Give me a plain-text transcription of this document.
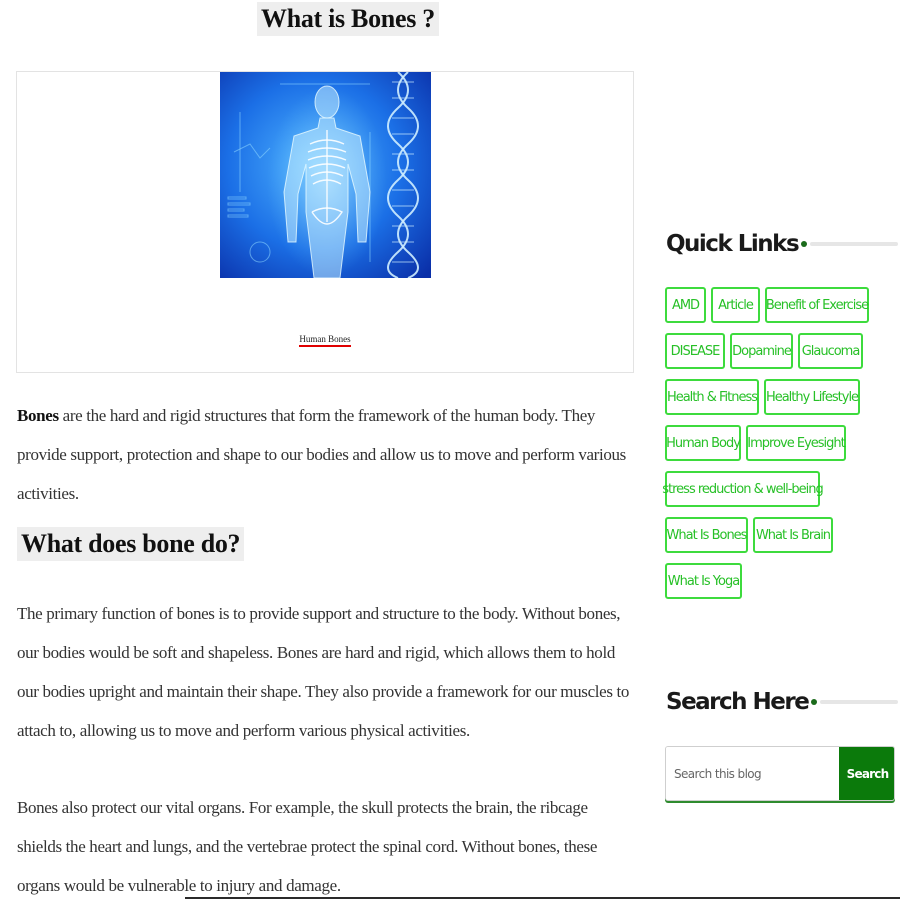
What is Bones ?
Human Bones
Bones are the hard and rigid structures that form the framework of the human body. They provide support, protection and shape to our bodies and allow us to move and perform various activities.
What does bone do?
The primary function of bones is to provide support and structure to the body. Without bones, our bodies would be soft and shapeless. Bones are hard and rigid, which allows them to hold our bodies upright and maintain their shape. They also provide a framework for our muscles to attach to, allowing us to move and perform various physical activities.
Bones also protect our vital organs. For example, the skull protects the brain, the ribcage shields the heart and lungs, and the vertebrae protect the spinal cord. Without bones, these organs would be vulnerable to injury and damage.
Quick Links
AMD	Article Benefit of Exercise
DISEASE Dopamine Glaucoma
Health & Fitness Healthy Lifestyle
Human Body Improve Eyesight
stress reduction & well-being
What Is Bones What Is Brain
What Is Yoga
Search Here
Search this blog
Search
